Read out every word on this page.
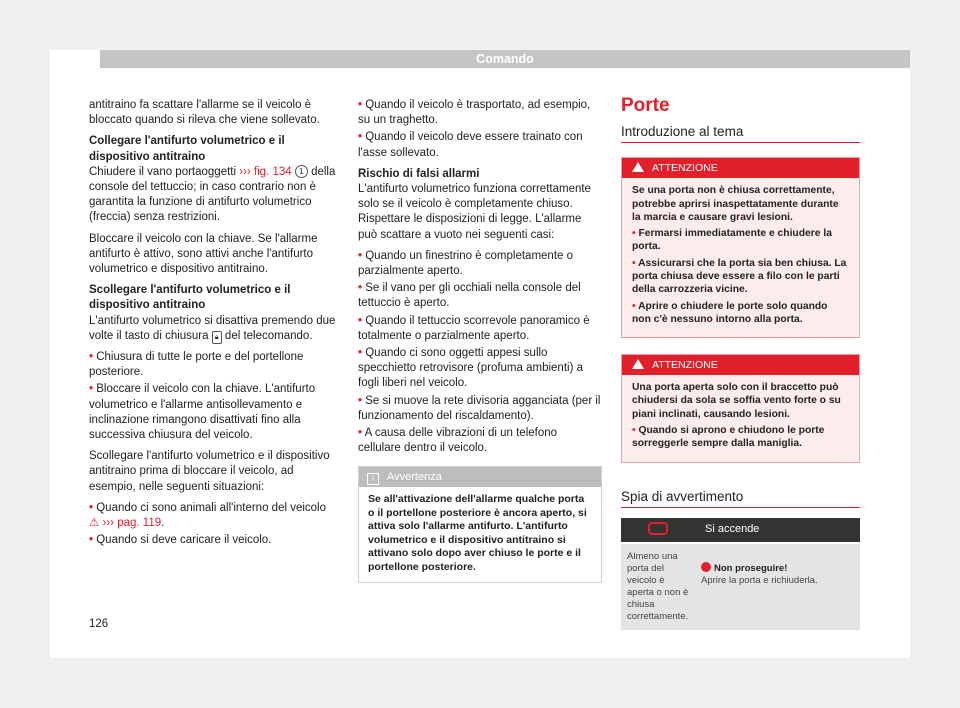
Comando

antitraino fa scattare l'allarme se il veicolo è bloccato quando si rileva che viene sollevato.

Collegare l'antifurto volumetrico e il dispositivo antitraino

Chiudere il vano portaoggetti ››› fig. 134 1 della console del tettuccio; in caso contrario non è garantita la funzione di antifurto volumetrico (freccia) senza restrizioni.

Bloccare il veicolo con la chiave. Se l'allarme antifurto è attivo, sono attivi anche l'antifurto volumetrico e dispositivo antitraino.

Scollegare l'antifurto volumetrico e il dispositivo antitraino

L'antifurto volumetrico si disattiva premendo due volte il tasto di chiusura 🔒︎ del telecomando.

• Chiusura di tutte le porte e del portellone posteriore.

• Bloccare il veicolo con la chiave. L'antifurto volumetrico e l'allarme antisollevamento e inclinazione rimangono disattivati fino alla successiva chiusura del veicolo.

Scollegare l'antifurto volumetrico e il dispositivo antitraino prima di bloccare il veicolo, ad esempio, nelle seguenti situazioni:

• Quando ci sono animali all'interno del veicolo ⚠ ››› pag. 119.

• Quando si deve caricare il veicolo.

126

• Quando il veicolo è trasportato, ad esempio, su un traghetto.

• Quando il veicolo deve essere trainato con l'asse sollevato.

Rischio di falsi allarmi

L'antifurto volumetrico funziona correttamente solo se il veicolo è completamente chiuso. Rispettare le disposizioni di legge. L'allarme può scattare a vuoto nei seguenti casi:

• Quando un finestrino è completamente o parzialmente aperto.

• Se il vano per gli occhiali nella console del tettuccio è aperto.

• Quando il tettuccio scorrevole panoramico è totalmente o parzialmente aperto.

• Quando ci sono oggetti appesi sullo specchietto retrovisore (profuma ambienti) a fogli liberi nel veicolo.

• Se si muove la rete divisoria agganciata (per il funzionamento del riscaldamento).

• A causa delle vibrazioni di un telefono cellulare dentro il veicolo.

i Avvertenza
Se all'attivazione dell'allarme qualche porta o il portellone posteriore è ancora aperto, si attiva solo l'allarme antifurto. L'antifurto volumetrico e il dispositivo antitraino si attivano solo dopo aver chiuso le porte e il portellone posteriore.
Porte
Introduzione al tema
ATTENZIONE

Se una porta non è chiusa correttamente, potrebbe aprirsi inaspettatamente durante la marcia e causare gravi lesioni.

• Fermarsi immediatamente e chiudere la porta.

• Assicurarsi che la porta sia ben chiusa. La porta chiusa deve essere a filo con le parti della carrozzeria vicine.

• Aprire o chiudere le porte solo quando non c'è nessuno intorno alla porta.

ATTENZIONE

Una porta aperta solo con il braccetto può chiudersi da sola se soffia vento forte o su piani inclinati, causando lesioni.

• Quando si aprono e chiudono le porte sorreggerle sempre dalla maniglia.

Spia di avvertimento
	Si accende
Almeno una porta del veicolo è aperta o non è chiusa correttamente.	Non proseguire!
Aprire la porta e richiuderla.
